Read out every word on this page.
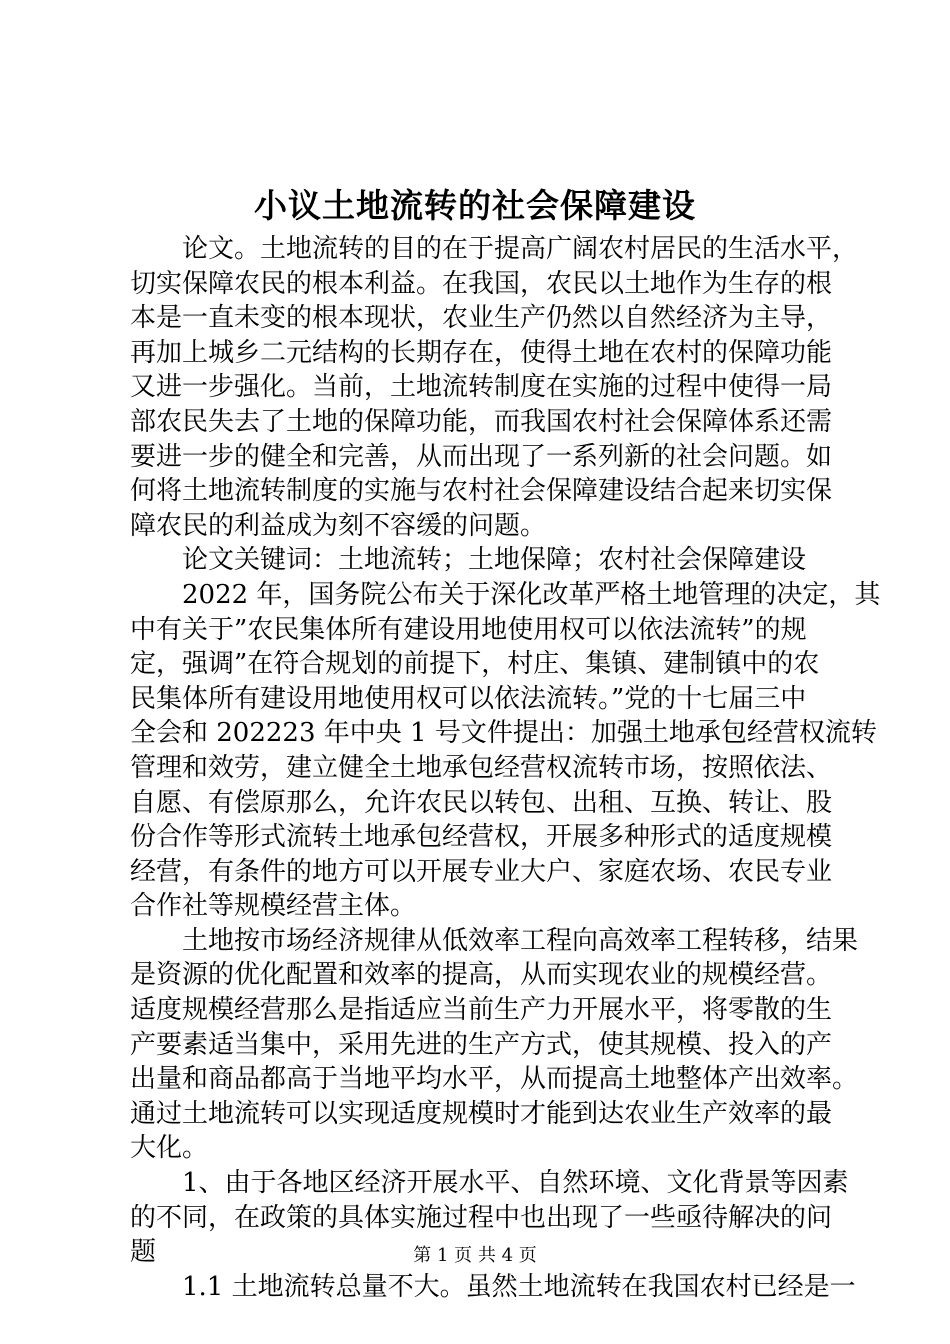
小议土地流转的社会保障建设

论文。土地流转的目的在于提高广阔农村居民的生活水平，
切实保障农民的根本利益。在我国，农民以土地作为生存的根
本是一直未变的根本现状，农业生产仍然以自然经济为主导，
再加上城乡二元结构的长期存在，使得土地在农村的保障功能
又进一步强化。当前，土地流转制度在实施的过程中使得一局
部农民失去了土地的保障功能，而我国农村社会保障体系还需
要进一步的健全和完善，从而出现了一系列新的社会问题。如
何将土地流转制度的实施与农村社会保障建设结合起来切实保
障农民的利益成为刻不容缓的问题。

论文关键词：土地流转；土地保障；农村社会保障建设

2022 年，国务院公布关于深化改革严格土地管理的决定，其
中有关于”农民集体所有建设用地使用权可以依法流转”的规
定，强调”在符合规划的前提下，村庄、集镇、建制镇中的农
民集体所有建设用地使用权可以依法流转。”党的十七届三中
全会和 202223 年中央 1 号文件提出：加强土地承包经营权流转
管理和效劳，建立健全土地承包经营权流转市场，按照依法、
自愿、有偿原那么，允许农民以转包、出租、互换、转让、股
份合作等形式流转土地承包经营权，开展多种形式的适度规模
经营，有条件的地方可以开展专业大户、家庭农场、农民专业
合作社等规模经营主体。

土地按市场经济规律从低效率工程向高效率工程转移，结果
是资源的优化配置和效率的提高，从而实现农业的规模经营。
适度规模经营那么是指适应当前生产力开展水平，将零散的生
产要素适当集中，采用先进的生产方式，使其规模、投入的产
出量和商品都高于当地平均水平，从而提高土地整体产出效率。
通过土地流转可以实现适度规模时才能到达农业生产效率的最
大化。

1、由于各地区经济开展水平、自然环境、文化背景等因素
的不同，在政策的具体实施过程中也出现了一些亟待解决的问
题

1.1 土地流转总量不大。虽然土地流转在我国农村已经是一

第 1 页 共 4 页
